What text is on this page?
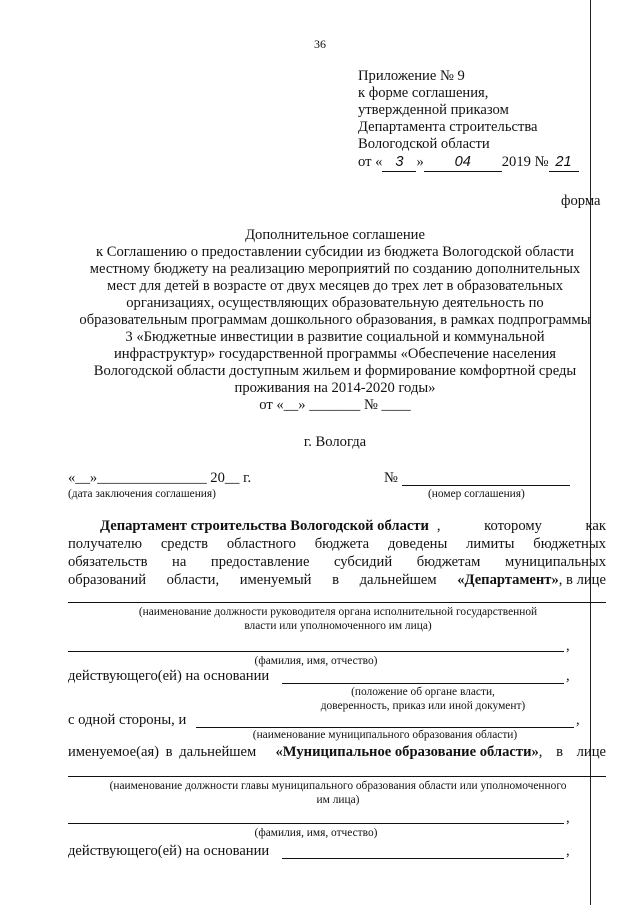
36
Приложение № 9
к форме соглашения,
утвержденной приказом
Департамента строительства
Вологодской области
от « 3 » 04 2019 № 21
форма
Дополнительное соглашение
к Соглашению о предоставлении субсидии из бюджета Вологодской области
местному бюджету на реализацию мероприятий по созданию дополнительных
мест для детей в возрасте от двух месяцев до трех лет в образовательных
организациях, осуществляющих образовательную деятельность по
образовательным программам дошкольного образования, в рамках подпрограммы
3 «Бюджетные инвестиции в развитие социальной и коммунальной
инфраструктур» государственной программы «Обеспечение населения
Вологодской области доступным жильем и формирование комфортной среды
проживания на 2014-2020 годы»
от «__» _______ № ____
г. Вологда
«__»_______________ 20__ г.	№
(дата заключения соглашения)	(номер соглашения)
Департамент строительства Вологодской области , которому как
получателю средств областного бюджета доведены лимиты бюджетных
обязательств на предоставление субсидий бюджетам муниципальных
образований области, именуемый в дальнейшем «Департамент», в лице
(наименование должности руководителя органа исполнительной государственной
власти или уполномоченного им лица)
,
(фамилия, имя, отчество)
действующего(ей) на основании	,
(положение об органе власти,
доверенность, приказ или иной документ)
с одной стороны, и	,
(наименование муниципального образования области)
именуемое(ая) в дальнейшем «Муниципальное образование области», в лице
(наименование должности главы муниципального образования области или уполномоченного
им лица)
,
(фамилия, имя, отчество)
действующего(ей) на основании	,
